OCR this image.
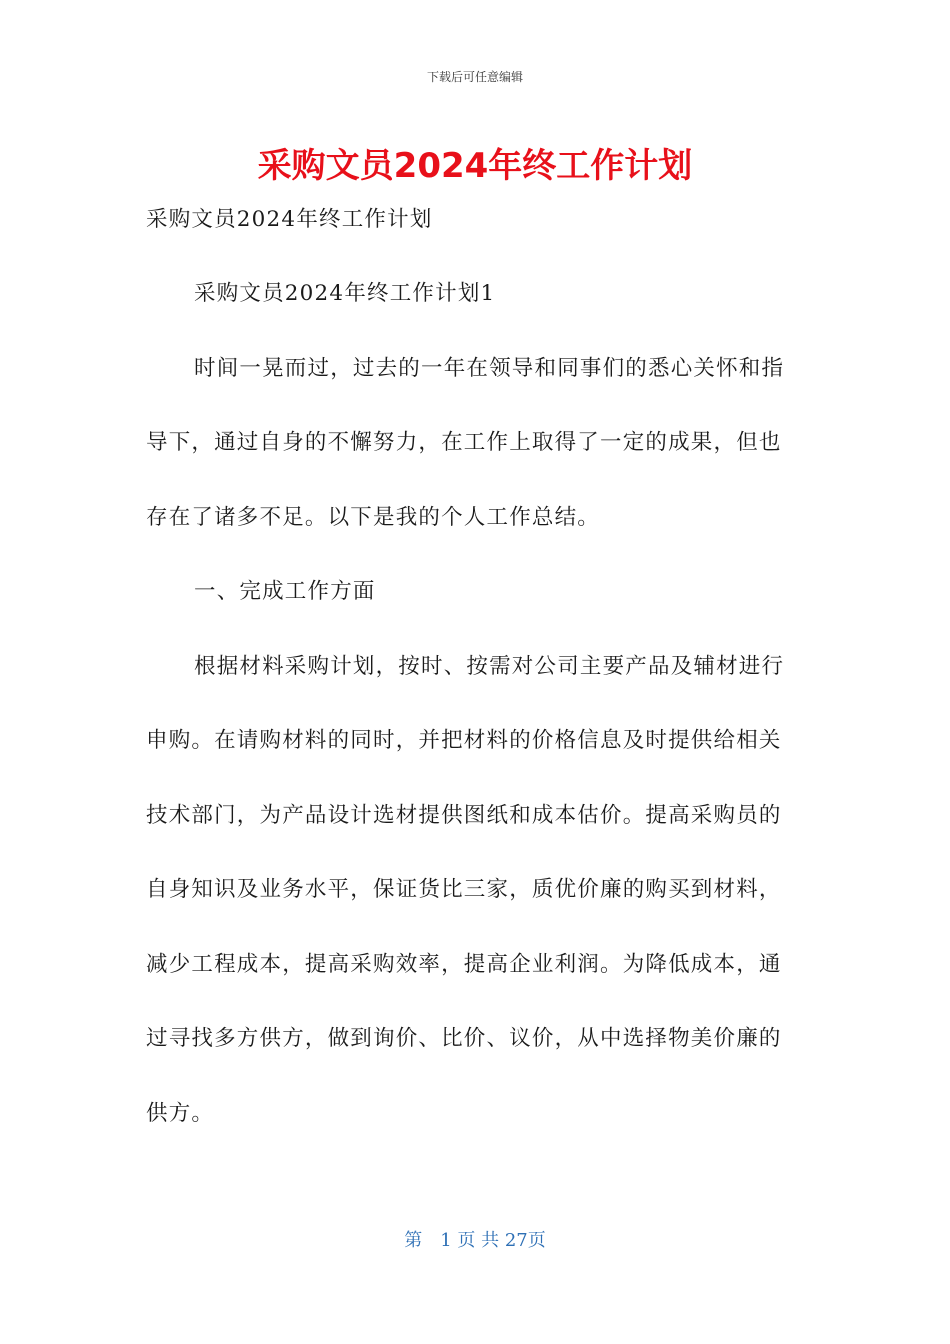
下载后可任意编辑
采购文员2024年终工作计划
采购文员2024年终工作计划

采购文员2024年终工作计划1

时间一晃而过，过去的一年在领导和同事们的悉心关怀和指导下，通过自身的不懈努力，在工作上取得了一定的成果，但也存在了诸多不足。以下是我的个人工作总结。

一、完成工作方面

根据材料采购计划，按时、按需对公司主要产品及辅材进行申购。在请购材料的同时，并把材料的价格信息及时提供给相关技术部门，为产品设计选材提供图纸和成本估价。提高采购员的自身知识及业务水平，保证货比三家，质优价廉的购买到材料，减少工程成本，提高采购效率，提高企业利润。为降低成本，通过寻找多方供方，做到询价、比价、议价，从中选择物美价廉的供方。

第　1 页 共 27页
